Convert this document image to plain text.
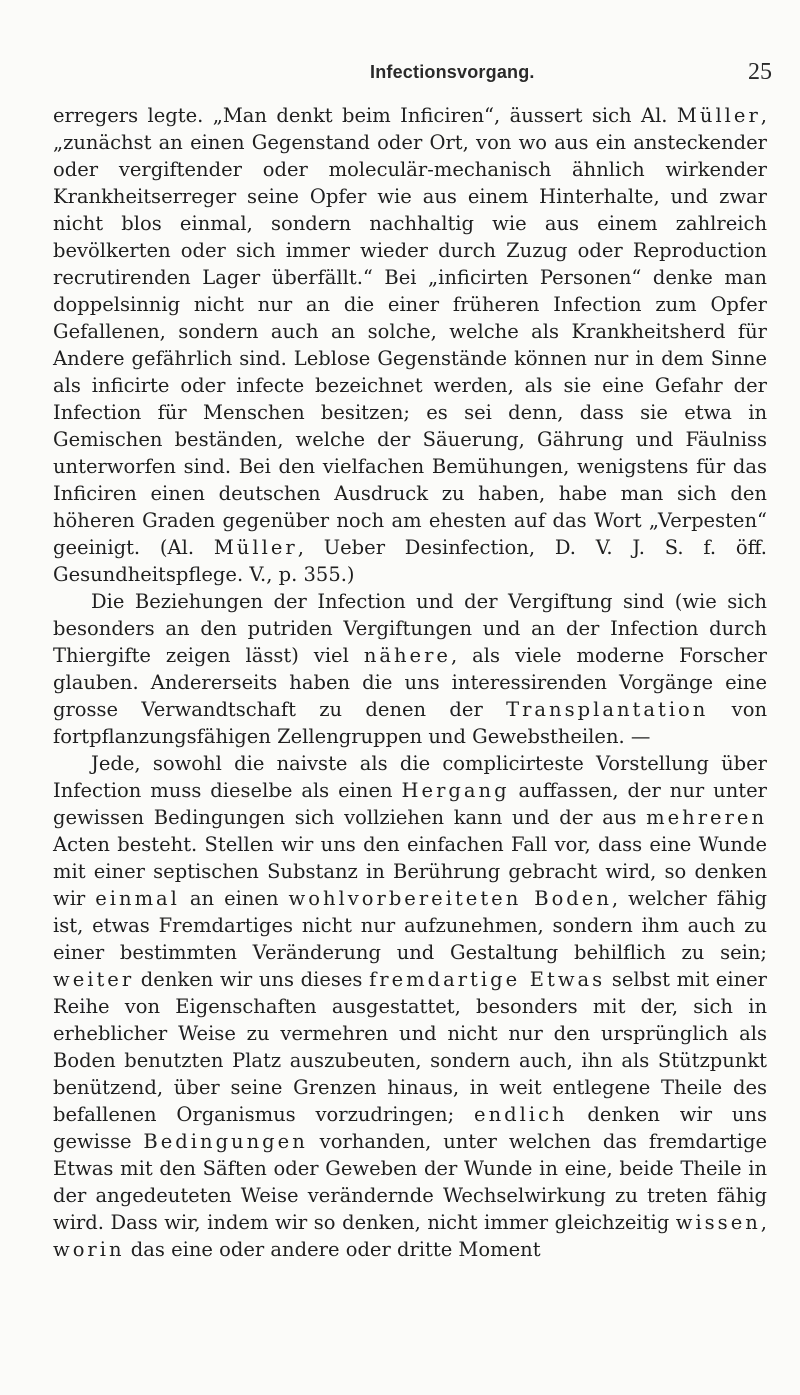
Infectionsvorgang.	25

erregers legte. „Man denkt beim Inficiren“, äussert sich Al. Müller, „zunächst an einen Gegenstand oder Ort, von wo aus ein ansteckender oder vergiftender oder moleculär-mechanisch ähnlich wirkender Krankheitserreger seine Opfer wie aus einem Hinterhalte, und zwar nicht blos einmal, sondern nachhaltig wie aus einem zahlreich bevölkerten oder sich immer wieder durch Zuzug oder Reproduction recrutirenden Lager überfällt.“ Bei „inficirten Personen“ denke man doppelsinnig nicht nur an die einer früheren Infection zum Opfer Gefallenen, sondern auch an solche, welche als Krankheitsherd für Andere gefährlich sind. Leblose Gegenstände können nur in dem Sinne als inficirte oder infecte bezeichnet werden, als sie eine Gefahr der Infection für Menschen besitzen; es sei denn, dass sie etwa in Gemischen beständen, welche der Säuerung, Gährung und Fäulniss unterworfen sind. Bei den vielfachen Bemühungen, wenigstens für das Inficiren einen deutschen Ausdruck zu haben, habe man sich den höheren Graden gegenüber noch am ehesten auf das Wort „Verpesten“ geeinigt. (Al. Müller, Ueber Desinfection, D. V. J. S. f. öff. Gesundheitspflege. V., p. 355.)

Die Beziehungen der Infection und der Vergiftung sind (wie sich besonders an den putriden Vergiftungen und an der Infection durch Thiergifte zeigen lässt) viel nähere, als viele moderne Forscher glauben. Andererseits haben die uns interessirenden Vorgänge eine grosse Verwandtschaft zu denen der Transplantation von fortpflanzungsfähigen Zellengruppen und Gewebstheilen. —

Jede, sowohl die naivste als die complicirteste Vorstellung über Infection muss dieselbe als einen Hergang auffassen, der nur unter gewissen Bedingungen sich vollziehen kann und der aus mehreren Acten besteht. Stellen wir uns den einfachen Fall vor, dass eine Wunde mit einer septischen Substanz in Berührung gebracht wird, so denken wir einmal an einen wohlvorbereiteten Boden, welcher fähig ist, etwas Fremdartiges nicht nur aufzunehmen, sondern ihm auch zu einer bestimmten Veränderung und Gestaltung behilflich zu sein; weiter denken wir uns dieses fremdartige Etwas selbst mit einer Reihe von Eigenschaften ausgestattet, besonders mit der, sich in erheblicher Weise zu vermehren und nicht nur den ursprünglich als Boden benutzten Platz auszubeuten, sondern auch, ihn als Stützpunkt benützend, über seine Grenzen hinaus, in weit entlegene Theile des befallenen Organismus vorzudringen; endlich denken wir uns gewisse Bedingungen vorhanden, unter welchen das fremdartige Etwas mit den Säften oder Geweben der Wunde in eine, beide Theile in der angedeuteten Weise verändernde Wechselwirkung zu treten fähig wird. Dass wir, indem wir so denken, nicht immer gleichzeitig wissen, worin das eine oder andere oder dritte Moment
